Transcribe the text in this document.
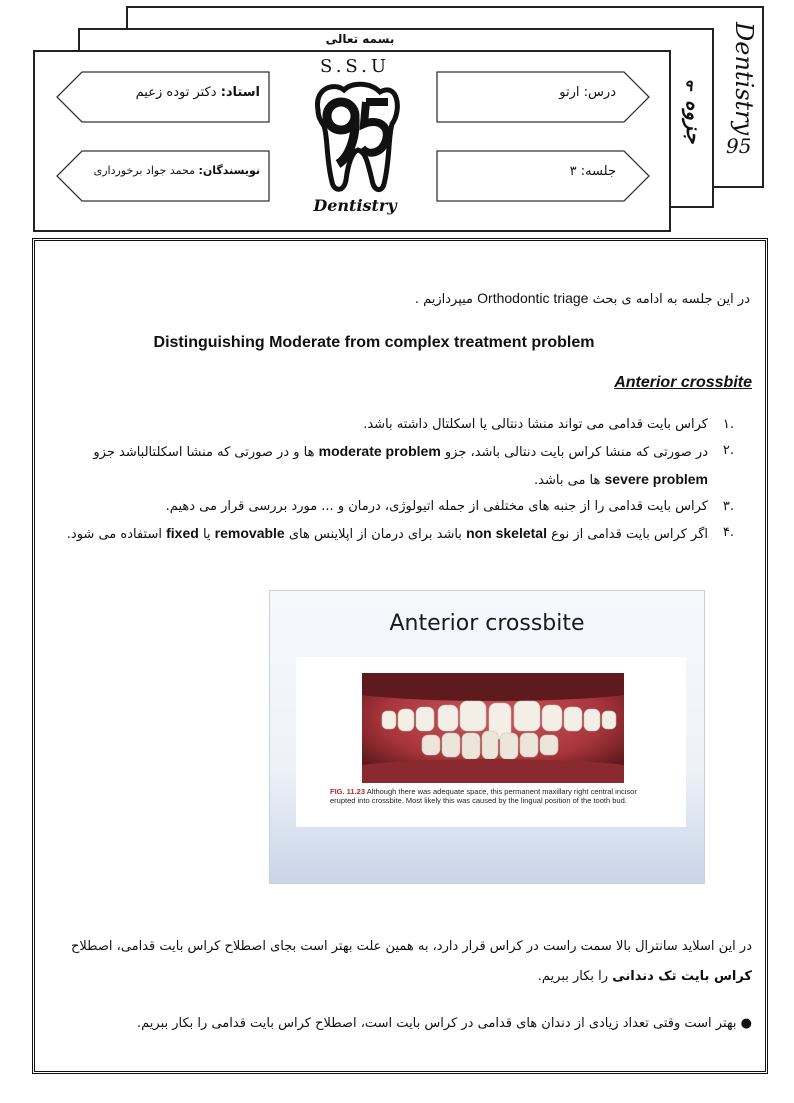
Dentistry
95
۹
جزوه
بسمه تعالی
استاد: دکتر توده زعیم
نویسندگان: محمد جواد برخورداری
درس: ارتو
جلسه: ۳
S.S.U
Dentistry
در این جلسه به ادامه ی بحث Orthodontic triage میپردازیم .
Distinguishing Moderate from complex treatment problem
Anterior crossbite
.۱
کراس بایت قدامی می تواند منشا دنتالی یا اسکلتال داشته باشد.
.۲
در صورتی که منشا کراس بایت دنتالی باشد، جزو moderate problem ها و در صورتی که منشا اسکلتالباشد جزو severe problem ها می باشد.
.۳
کراس بایت قدامی را از جنبه های مختلفی از جمله اتیولوژی، درمان و ... مورد بررسی قرار می دهیم.
.۴
اگر کراس بایت قدامی از نوع non skeletal باشد برای درمان از اپلاینس های removable یا fixed استفاده می شود.
Anterior crossbite
FIG. 11.23 Although there was adequate space, this permanent maxillary right central incisor erupted into crossbite. Most likely this was caused by the lingual position of the tooth bud.
در این اسلاید سانترال بالا سمت راست در کراس قرار دارد، به همین علت بهتر است بجای اصطلاح کراس بایت قدامی، اصطلاح کراس بایت تک دندانی را بکار ببریم.
● بهتر است وقتی تعداد زیادی از دندان های قدامی در کراس بایت است، اصطلاح کراس بایت قدامی را بکار ببریم.
